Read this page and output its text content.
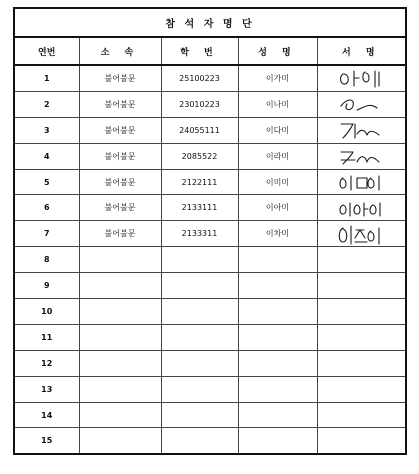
참 석 자 명 단				
연번	소 속	학 번	성 명	서 명
1	불어불문	25100223	이가미	

2	불어불문	23010223	이나미	

3	불어불문	24055111	이다미	

4	불어불문	2085522	이라미	

5	불어불문	2122111	이미미	

6	불어불문	2133111	이아미	

7	불어불문	2133311	이차미	

8				
9				
10				
11				
12				
13				
14				
15				
